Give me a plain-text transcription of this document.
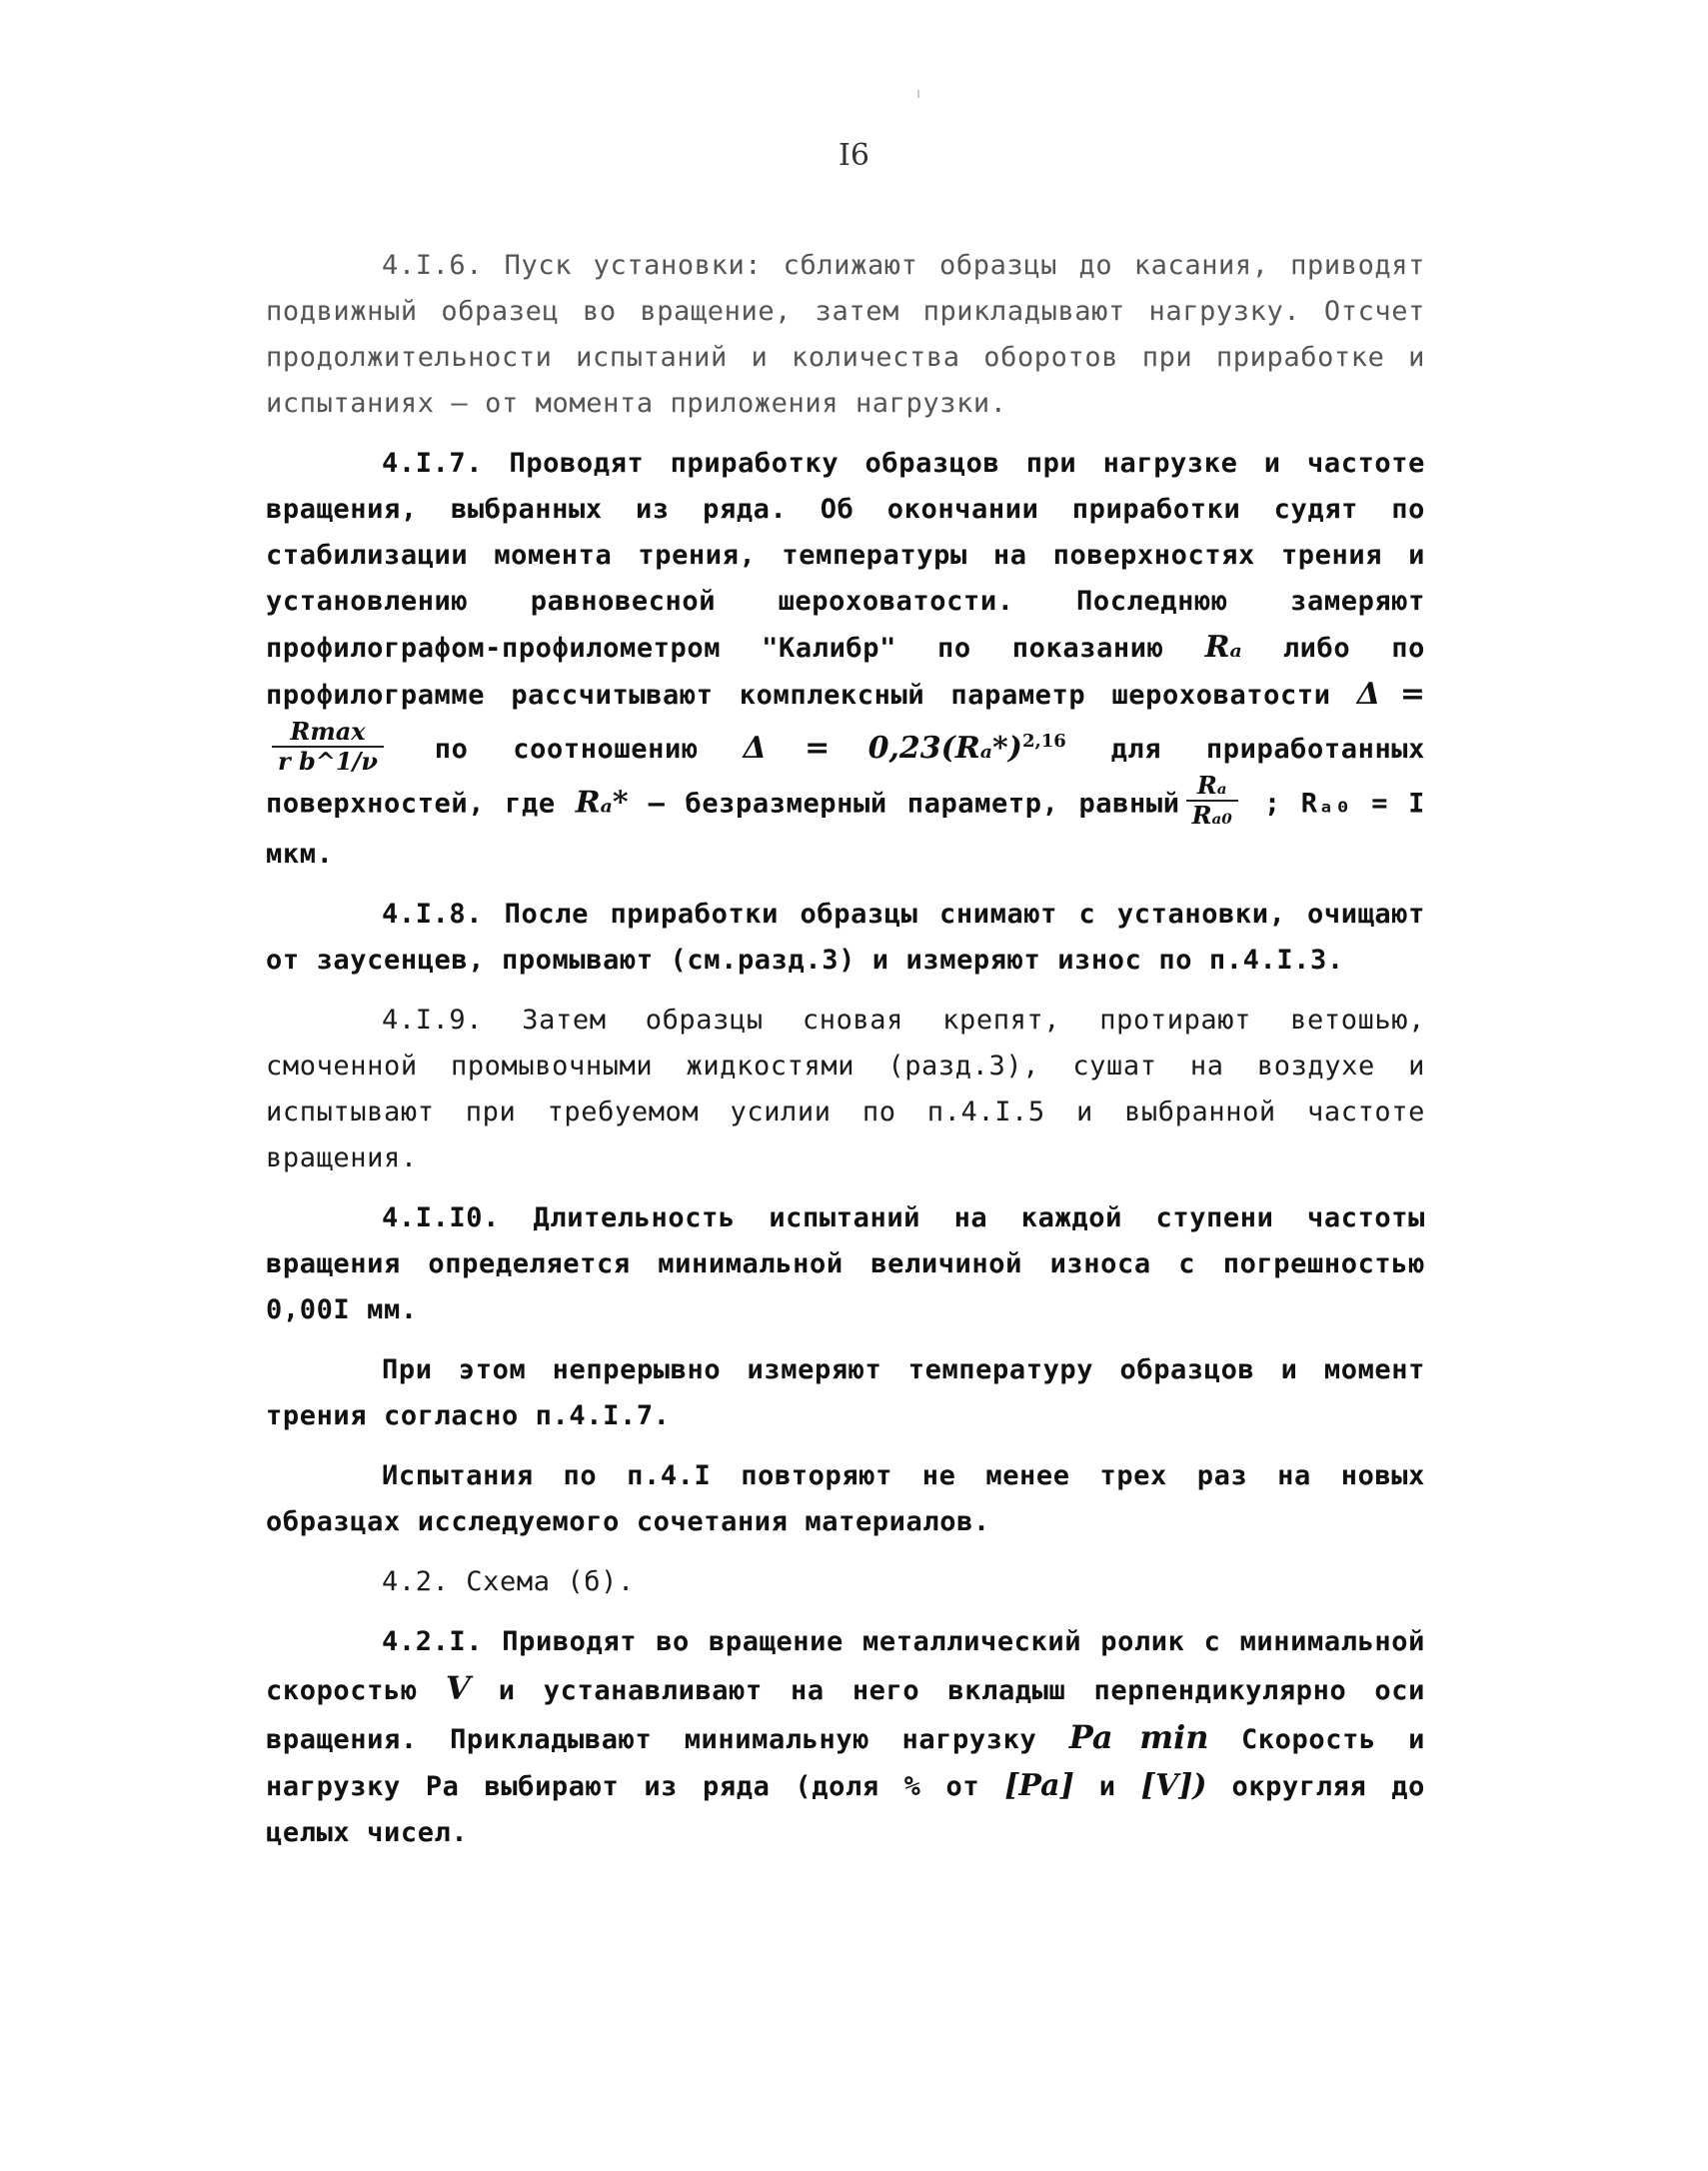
I6

4.I.6. Пуск установки: сближают образцы до касания, приводят подвижный образец во вращение, затем прикладывают нагрузку. Отсчет продолжительности испытаний и количества оборотов при приработке и испытаниях – от момента приложения нагрузки.

4.I.7. Проводят приработку образцов при нагрузке и частоте вращения, выбранных из ряда. Об окончании приработки судят по стабилизации момента трения, температуры на поверхностях трения и установлению равновесной шероховатости. Последнюю замеряют профилографом-профилометром "Калибр" по показанию Rₐ либо по профилограмме рассчитывают комплексный параметр шероховатости Δ =
$\frac{Rmax}{\text{r b\textasciicircum{}1/ν}}$ по соотношению $\Delta = 0,23(R_a*)^{2,16}$ для приработанных поверхностей, где Rₐ* – безразмерный параметр, равный $\frac{\text{Rₐ}}{\text{Rₐ₀}}$ ; Rₐ₀ = I мкм.

4.I.8. После приработки образцы снимают с установки, очищают от заусенцев, промывают (см.разд.3) и измеряют износ по п.4.I.3.

4.I.9. Затем образцы сновая крепят, протирают ветошью, смоченной промывочными жидкостями (разд.3), сушат на воздухе и испытывают при требуемом усилии по п.4.I.5 и выбранной частоте вращения.

4.I.I0. Длительность испытаний на каждой ступени частоты вращения определяется минимальной величиной износа с погрешностью 0,00I мм.

При этом непрерывно измеряют температуру образцов и момент трения согласно п.4.I.7.

Испытания по п.4.I повторяют не менее трех раз на новых образцах исследуемого сочетания материалов.

4.2. Схема (б).

4.2.I. Приводят во вращение металлический ролик с минимальной скоростью V и устанавливают на него вкладыш перпендикулярно оси вращения. Прикладывают минимальную нагрузку Pa min Скорость и нагрузку Pa выбирают из ряда (доля % от [Pa] и [V]) округляя до целых чисел.
